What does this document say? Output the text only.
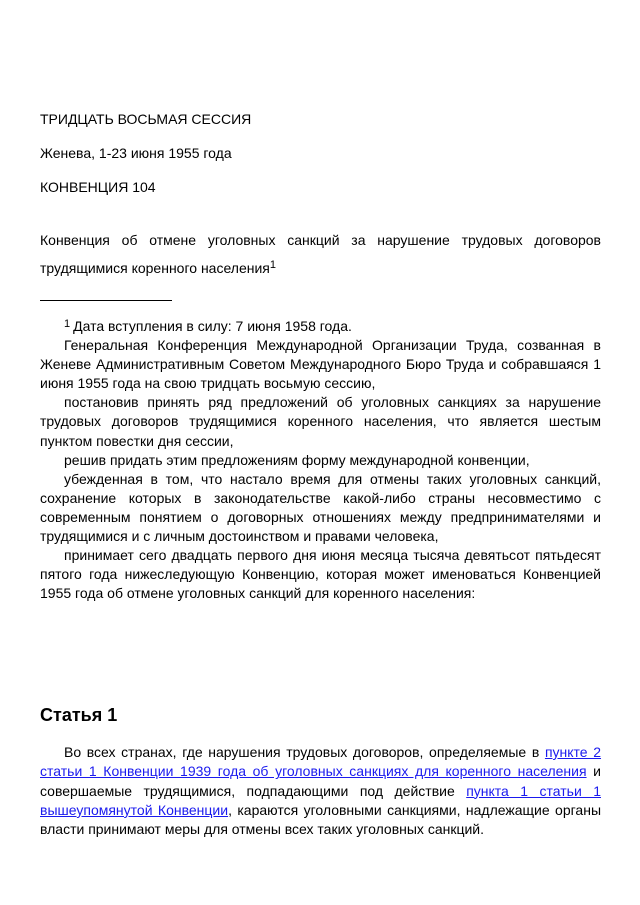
ТРИДЦАТЬ ВОСЬМАЯ СЕССИЯ

Женева, 1-23 июня 1955 года

КОНВЕНЦИЯ 104

Конвенция об отмене уголовных санкций за нарушение трудовых договоров трудящимися коренного населения$^1$

$^1$ Дата вступления в силу: 7 июня 1958 года.

Генеральная Конференция Международной Организации Труда, созванная в Женеве Административным Советом Международного Бюро Труда и собравшаяся 1 июня 1955 года на свою тридцать восьмую сессию,

постановив принять ряд предложений об уголовных санкциях за нарушение трудовых договоров трудящимися коренного населения, что является шестым пунктом повестки дня сессии,

решив придать этим предложениям форму международной конвенции,

убежденная в том, что настало время для отмены таких уголовных санкций, сохранение которых в законодательстве какой-либо страны несовместимо с современным понятием о договорных отношениях между предпринимателями и трудящимися и с личным достоинством и правами человека,

принимает сего двадцать первого дня июня месяца тысяча девятьсот пятьдесят пятого года нижеследующую Конвенцию, которая может именоваться Конвенцией 1955 года об отмене уголовных санкций для коренного населения:

Статья 1

Во всех странах, где нарушения трудовых договоров, определяемые в пункте 2 статьи 1 Конвенции 1939 года об уголовных санкциях для коренного населения и совершаемые трудящимися, подпадающими под действие пункта 1 статьи 1 вышеупомянутой Конвенции, караются уголовными санкциями, надлежащие органы власти принимают меры для отмены всех таких уголовных санкций.
